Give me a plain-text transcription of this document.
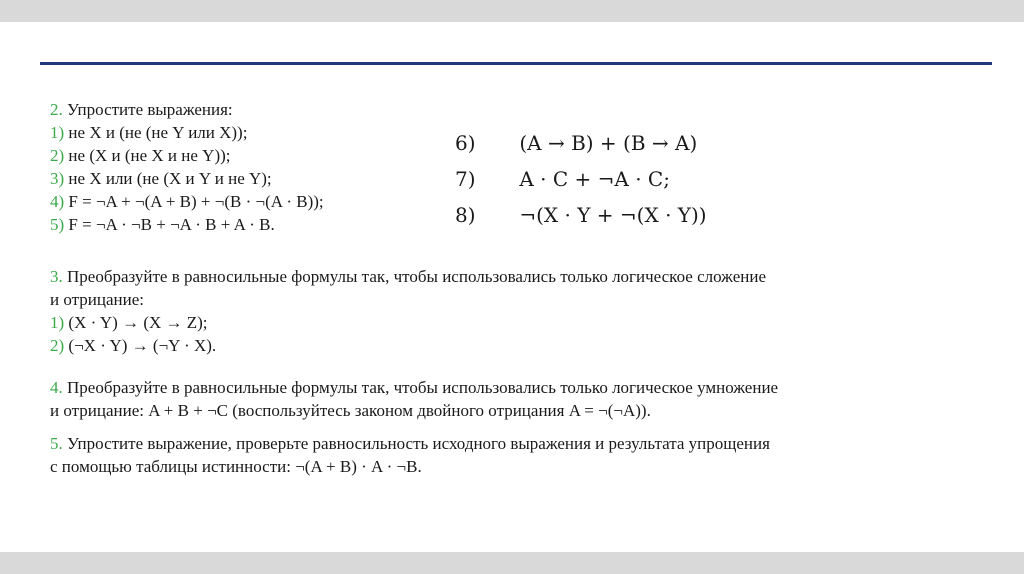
2. Упростите выражения:
1) не X и (не (не Y или X));
2) не (X и (не X и не Y));
3) не X или (не (X и Y и не Y);
4) F = ¬A + ¬(A + B) + ¬(B · ¬(A · B));
5) F = ¬A · ¬B + ¬A · B + A · B.
6) (A → B) + (B → A)
7) A · C + ¬A · C;
8) ¬(X · Y + ¬(X · Y))
3. Преобразуйте в равносильные формулы так, чтобы использовались только логическое сложение
и отрицание:
1) (X · Y) → (X → Z);
2) (¬X · Y) → (¬Y · X).
4. Преобразуйте в равносильные формулы так, чтобы использовались только логическое умножение
и отрицание: A + B + ¬C (воспользуйтесь законом двойного отрицания A = ¬(¬A)).
5. Упростите выражение, проверьте равносильность исходного выражения и результата упрощения
с помощью таблицы истинности: ¬(A + B) · A · ¬B.
